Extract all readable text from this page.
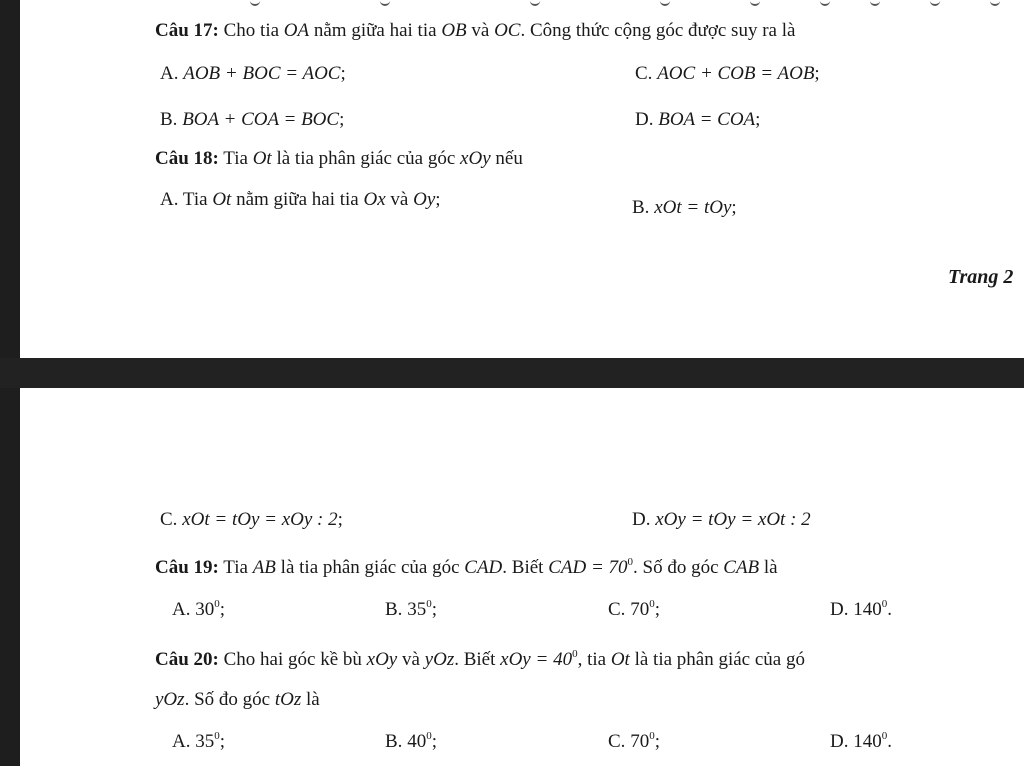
Câu 17: Cho tia OA nằm giữa hai tia OB và OC. Công thức cộng góc được suy ra là
A. AOB + BOC = AOC;	C. AOC + COB = AOB;
B. BOA + COA = BOC;	D. BOA = COA;
Câu 18: Tia Ot là tia phân giác của góc xOy nếu
A. Tia Ot nằm giữa hai tia Ox và Oy;	B. xOt = tOy;
Trang 2
C. xOt = tOy = xOy : 2;	D. xOy = tOy = xOt : 2
Câu 19: Tia AB là tia phân giác của góc CAD. Biết CAD = $70^0$. Số đo góc CAB là
A. $30^0$;	B. $35^0$;	C. $70^0$;	D. $140^0$.
Câu 20: Cho hai góc kề bù xOy và yOz. Biết xOy = $40^0$, tia Ot là tia phân giác của gó
yOz. Số đo góc tOz là
A. $35^0$;	B. $40^0$;	C. $70^0$;	D. $140^0$.
